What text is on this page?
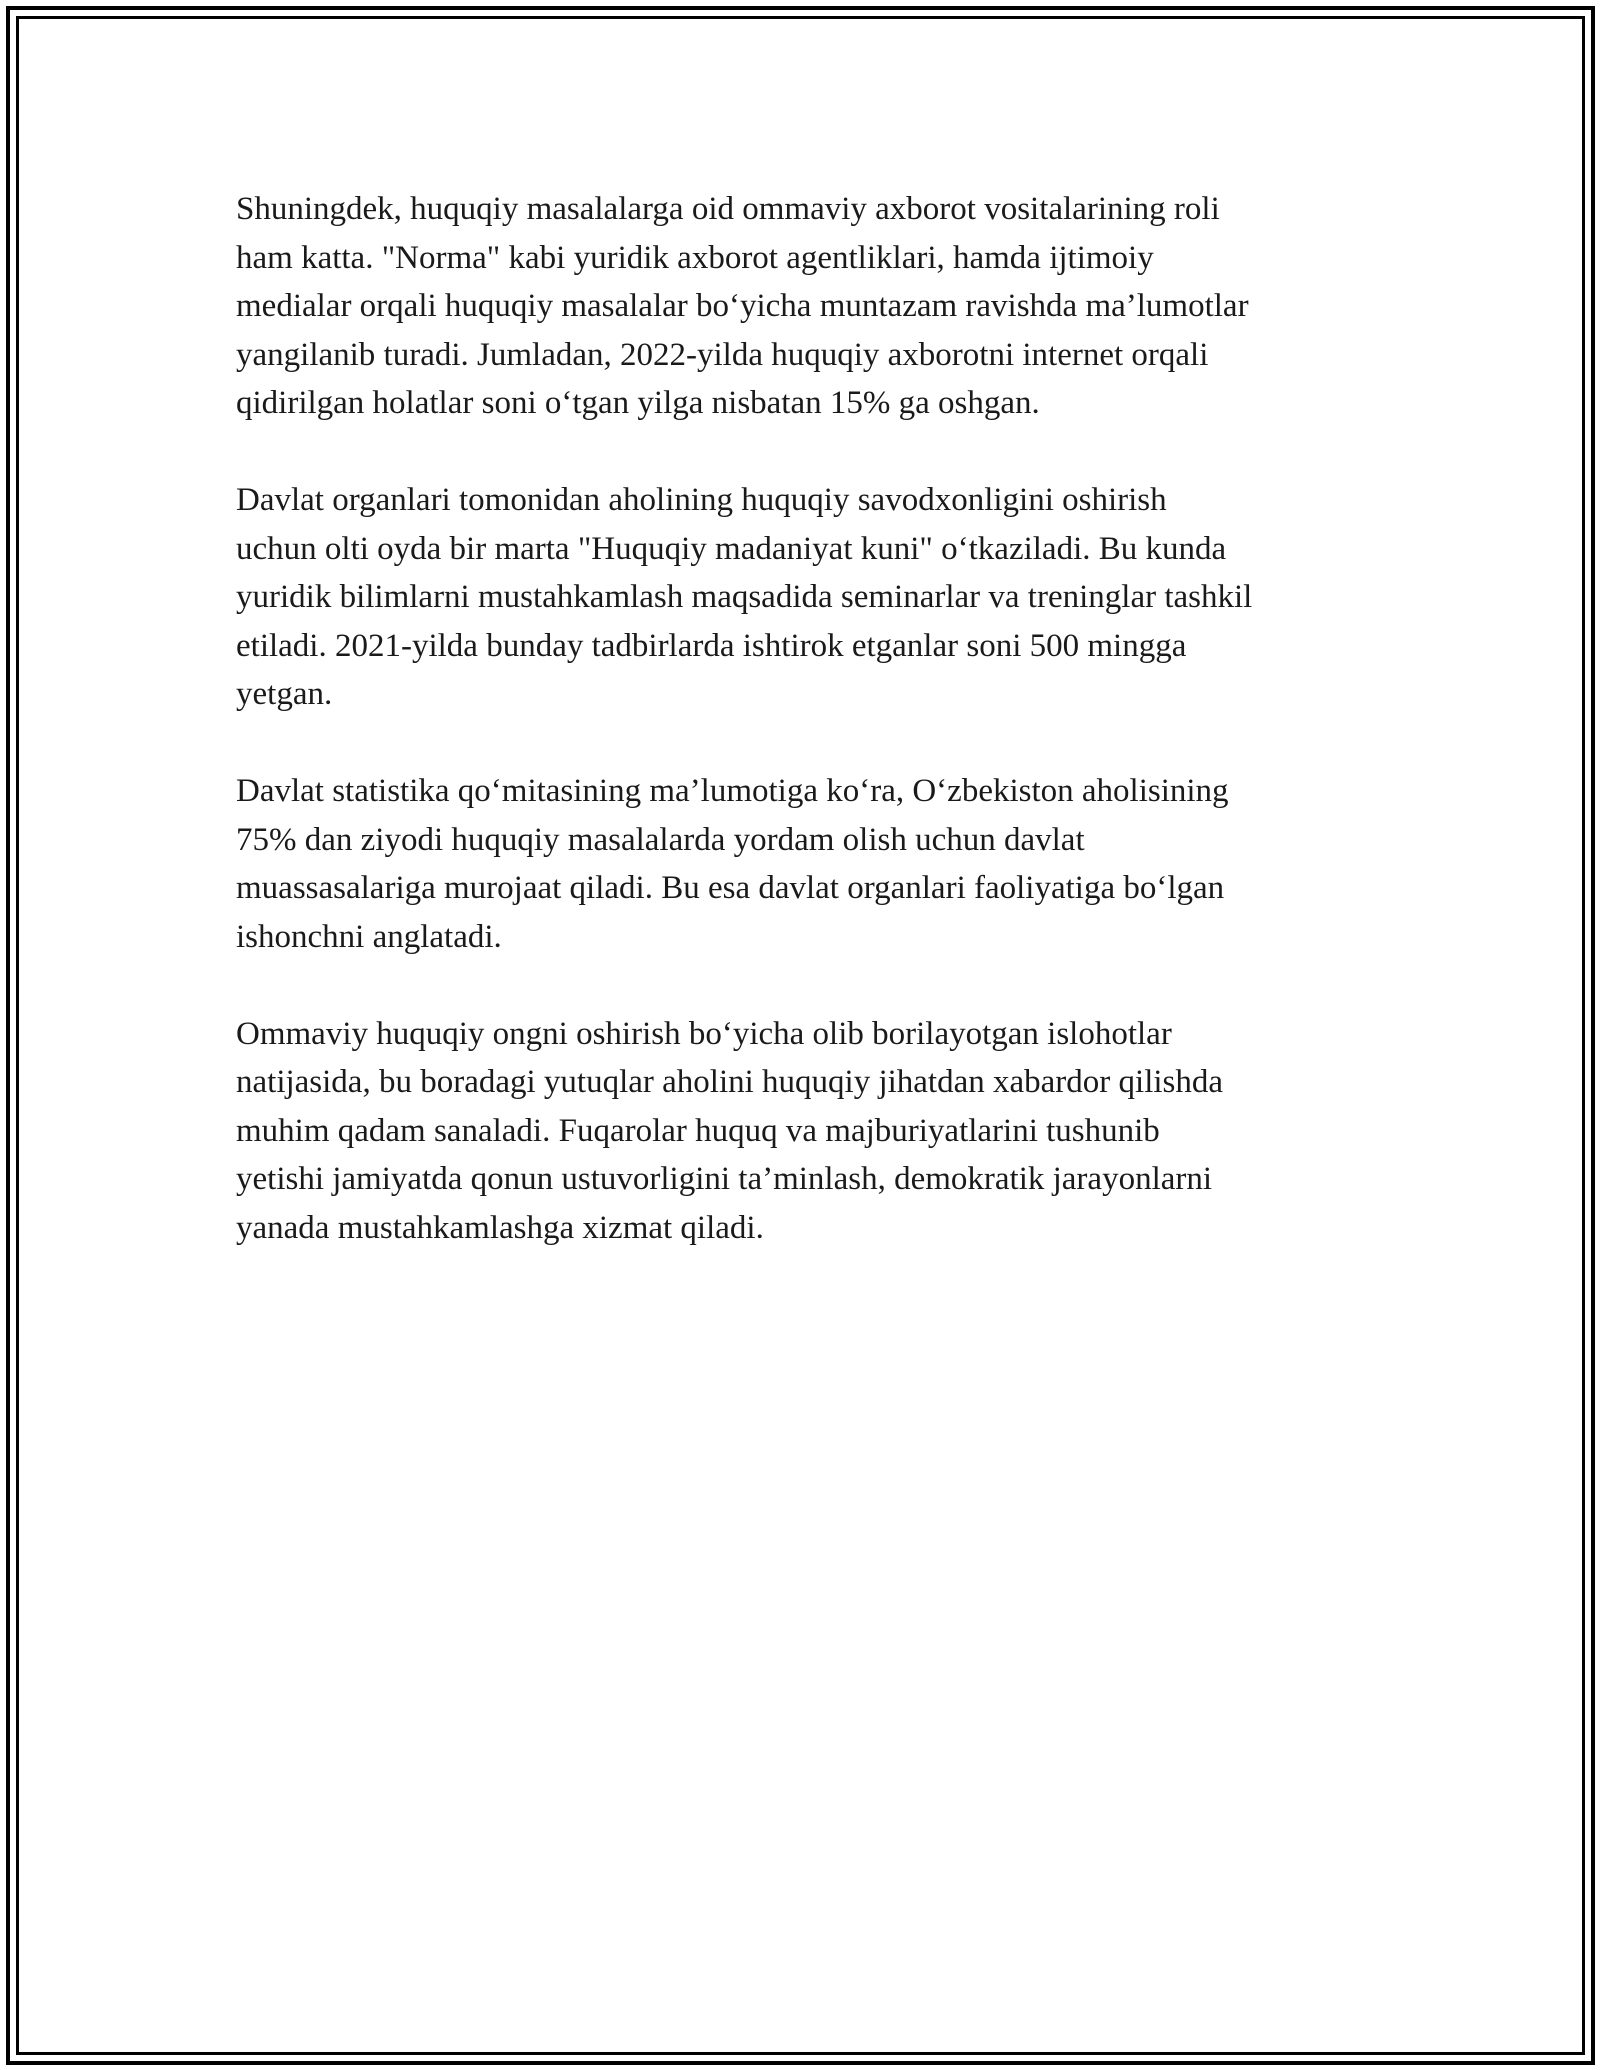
Shuningdek, huquqiy masalalarga oid ommaviy axborot vositalarining roli
ham katta. "Norma" kabi yuridik axborot agentliklari, hamda ijtimoiy
medialar orqali huquqiy masalalar bo‘yicha muntazam ravishda ma’lumotlar
yangilanib turadi. Jumladan, 2022-yilda huquqiy axborotni internet orqali
qidirilgan holatlar soni o‘tgan yilga nisbatan 15% ga oshgan.

Davlat organlari tomonidan aholining huquqiy savodxonligini oshirish
uchun olti oyda bir marta "Huquqiy madaniyat kuni" o‘tkaziladi. Bu kunda
yuridik bilimlarni mustahkamlash maqsadida seminarlar va treninglar tashkil
etiladi. 2021-yilda bunday tadbirlarda ishtirok etganlar soni 500 mingga
yetgan.

Davlat statistika qo‘mitasining ma’lumotiga ko‘ra, O‘zbekiston aholisining
75% dan ziyodi huquqiy masalalarda yordam olish uchun davlat
muassasalariga murojaat qiladi. Bu esa davlat organlari faoliyatiga bo‘lgan
ishonchni anglatadi.

Ommaviy huquqiy ongni oshirish bo‘yicha olib borilayotgan islohotlar
natijasida, bu boradagi yutuqlar aholini huquqiy jihatdan xabardor qilishda
muhim qadam sanaladi. Fuqarolar huquq va majburiyatlarini tushunib
yetishi jamiyatda qonun ustuvorligini ta’minlash, demokratik jarayonlarni
yanada mustahkamlashga xizmat qiladi.
